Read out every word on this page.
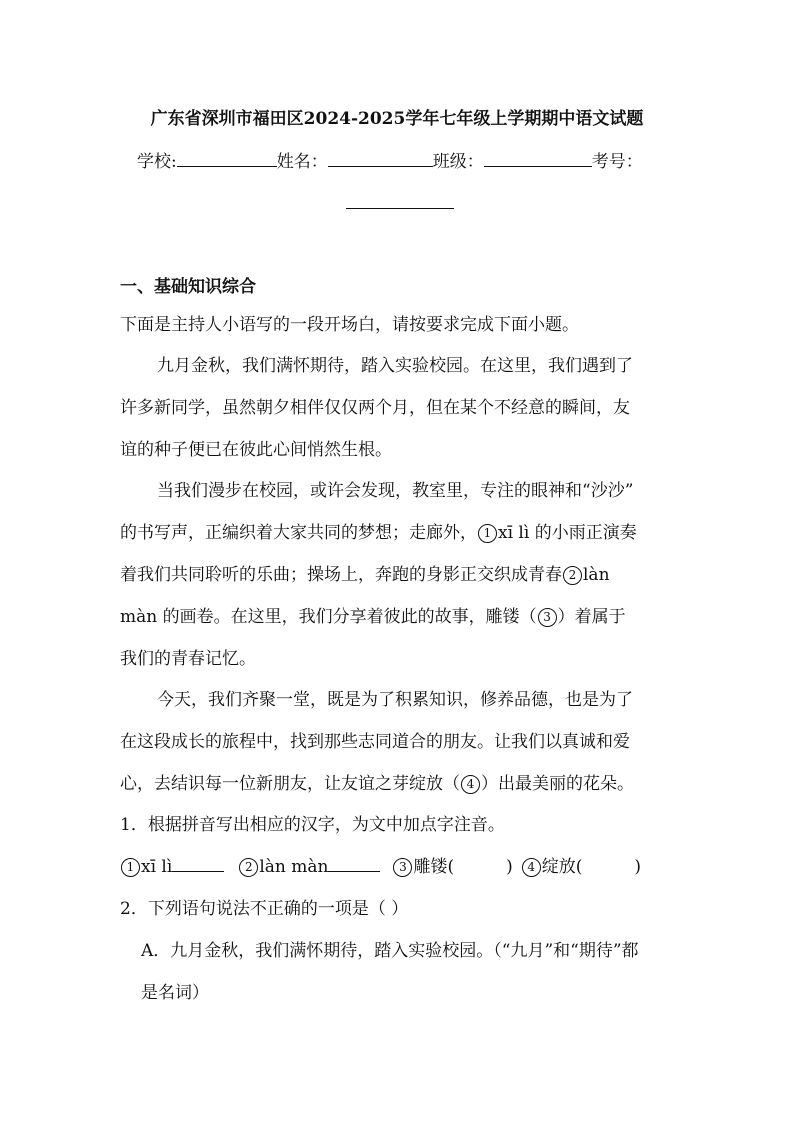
广东省深圳市福田区2024-2025学年七年级上学期期中语文试题
学校:	姓名：	班级：	考号：
一、基础知识综合
下面是主持人小语写的一段开场白，请按要求完成下面小题。
九月金秋，我们满怀期待，踏入实验校园。在这里，我们遇到了
许多新同学，虽然朝夕相伴仅仅两个月，但在某个不经意的瞬间，友
谊的种子便已在彼此心间悄然生根。
当我们漫步在校园，或许会发现，教室里，专注的眼神和“沙沙”
的书写声，正编织着大家共同的梦想；走廊外， 1 xī lì 的小雨正演奏
着我们共同聆听的乐曲；操场上，奔跑的身影正交织成青春 2 làn
màn 的画卷。在这里，我们分享着彼此的故事，雕镂（ 3 ）着属于
我们的青春记忆。
今天，我们齐聚一堂，既是为了积累知识，修养品德，也是为了
在这段成长的旅程中，找到那些志同道合的朋友。让我们以真诚和爱
心，去结识每一位新朋友，让友谊之芽绽放（ 4 ）出最美丽的花朵。
1．根据拼音写出相应的汉字，为文中加点字注音。
1 xī lì	2 làn màn	3 雕镂(	) 4 绽放(	)
2．下列语句说法不正确的一项是（ ）
A．九月金秋，我们满怀期待，踏入实验校园。（“九月”和“期待”都
是名词）
